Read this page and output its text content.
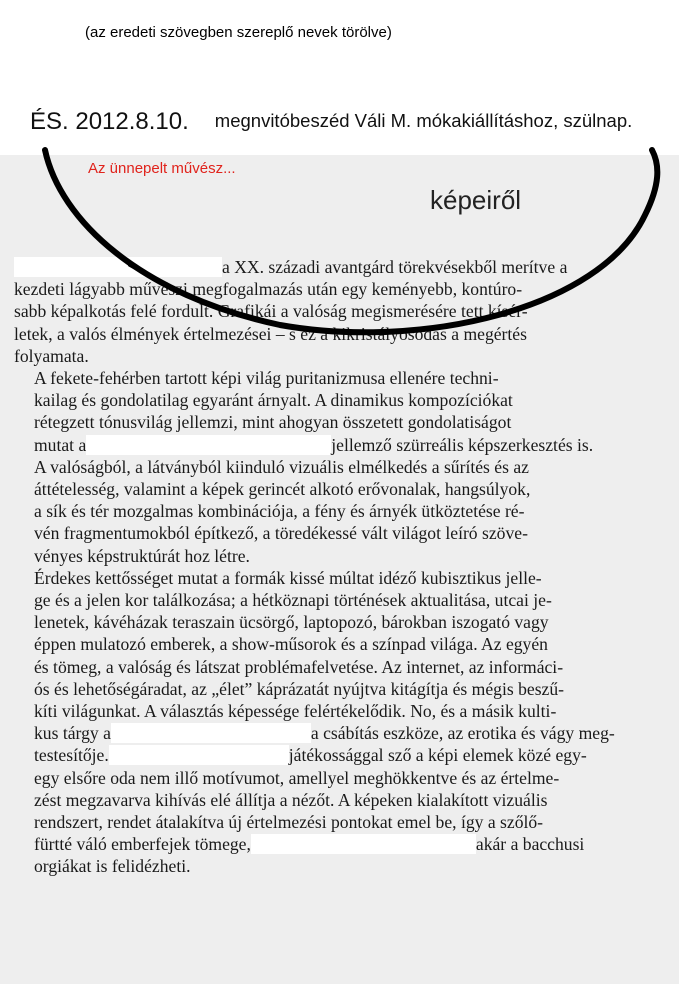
(az eredeti szövegben szereplő nevek törölve)
ÉS. 2012.8.10. megnvitóbeszéd Váli M. mókakiállításhoz, szülnap.
Az ünnepelt művész...
képeiről

a XX. századi avantgárd törekvésekből merítve a
kezdeti lágyabb művészi megfogalmazás után egy keményebb, kontúro-
sabb képalkotás felé fordult. Grafikái a valóság megismerésére tett kísér-
letek, a valós élmények értelmezései – s ez a kikristályosodás a megértés
folyamata.

A fekete-fehérben tartott képi világ puritanizmusa ellenére techni-
kailag és gondolatilag egyaránt árnyalt. A dinamikus kompozíciókat
rétegzett tónusvilág jellemzi, mint ahogyan összetett gondolatiságot
mutat a	jellemző szürreális képszerkesztés is.
A valóságból, a látványból kiinduló vizuális elmélkedés a sűrítés és az
áttételesség, valamint a képek gerincét alkotó erővonalak, hangsúlyok,
a sík és tér mozgalmas kombinációja, a fény és árnyék ütköztetése ré-
vén fragmentumokból építkező, a töredékessé vált világot leíró szöve-
vényes képstruktúrát hoz létre.

Érdekes kettősséget mutat a formák kissé múltat idéző kubisztikus jelle-
ge és a jelen kor találkozása; a hétköznapi történések aktualitása, utcai je-
lenetek, kávéházak teraszain ücsörgő, laptopozó, bárokban iszogató vagy
éppen mulatozó emberek, a show-műsorok és a színpad világa. Az egyén
és tömeg, a valóság és látszat problémafelvetése. Az internet, az informáci-
ós és lehetőségáradat, az „élet” káprázatát nyújtva kitágítja és mégis beszű-
kíti világunkat. A választás képessége felértékelődik. No, és a másik kulti-
kus tárgy a	a csábítás eszköze, az erotika és vágy meg-
testesítője.	játékossággal sző a képi elemek közé egy-
egy elsőre oda nem illő motívumot, amellyel meghökkentve és az értelme-
zést megzavarva kihívás elé állítja a nézőt. A képeken kialakított vizuális
rendszert, rendet átalakítva új értelmezési pontokat emel be, így a szőlő-
fürtté váló emberfejek tömege,	akár a bacchusi
orgiákat is felidézheti.
